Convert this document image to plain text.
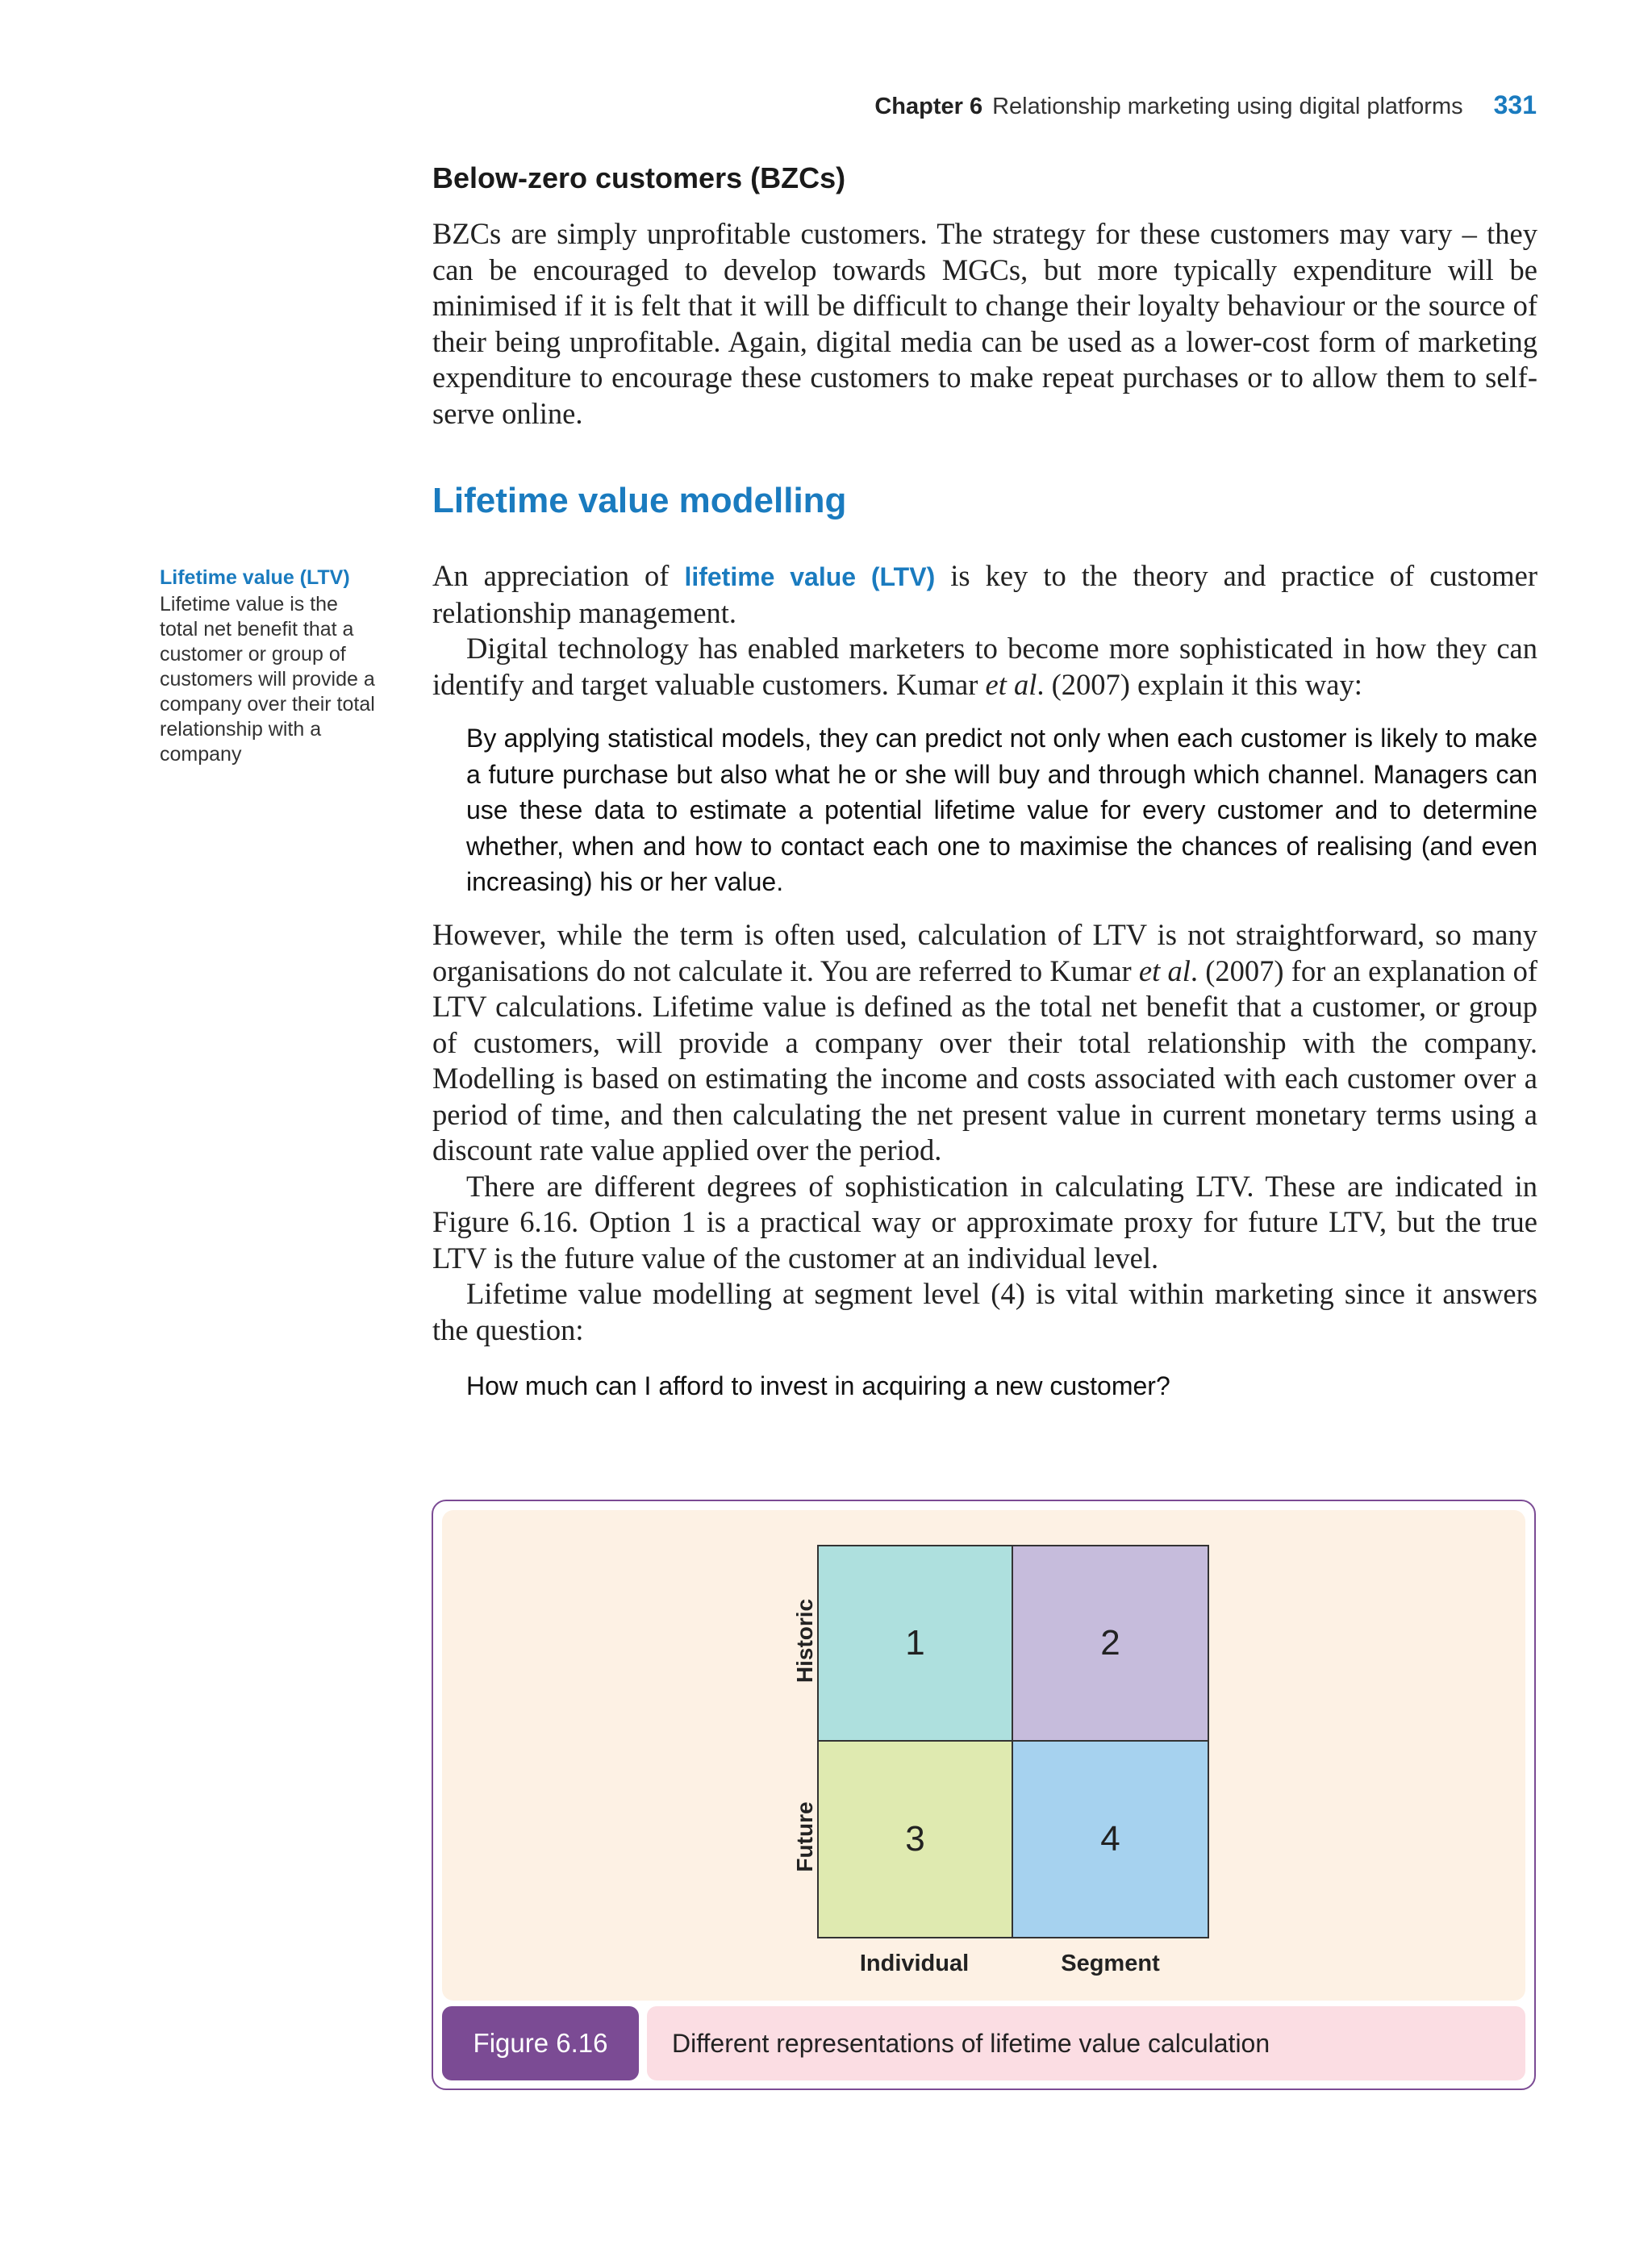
Chapter 6 Relationship marketing using digital platforms 331
Below-zero customers (BZCs)

BZCs are simply unprofitable customers. The strategy for these customers may vary – they can be encouraged to develop towards MGCs, but more typically expenditure will be minimised if it is felt that it will be difficult to change their loyalty behaviour or the source of their being unprofitable. Again, digital media can be used as a lower-cost form of marketing expenditure to encourage these customers to make repeat purchases or to allow them to self-serve online.

Lifetime value modelling
Lifetime value (LTV)
Lifetime value is the total net benefit that a customer or group of customers will provide a company over their total relationship with a company

An appreciation of lifetime value (LTV) is key to the theory and practice of customer relationship management.

Digital technology has enabled marketers to become more sophisticated in how they can identify and target valuable customers. Kumar et al. (2007) explain it this way:

By applying statistical models, they can predict not only when each customer is likely to make a future purchase but also what he or she will buy and through which channel. Managers can use these data to estimate a potential lifetime value for every customer and to determine whether, when and how to contact each one to maximise the chances of realising (and even increasing) his or her value.

However, while the term is often used, calculation of LTV is not straightforward, so many organisations do not calculate it. You are referred to Kumar et al. (2007) for an explanation of LTV calculations. Lifetime value is defined as the total net benefit that a customer, or group of customers, will provide a company over their total relationship with the company. Modelling is based on estimating the income and costs associated with each customer over a period of time, and then calculating the net present value in current monetary terms using a discount rate value applied over the period.

There are different degrees of sophistication in calculating LTV. These are indicated in Figure 6.16. Option 1 is a practical way or approximate proxy for future LTV, but the true LTV is the future value of the customer at an individual level.

Lifetime value modelling at segment level (4) is vital within marketing since it answers the question:

How much can I afford to invest in acquiring a new customer?
1	2
3	4
Historic
Future
Individual	Segment
Figure 6.16	Different representations of lifetime value calculation
